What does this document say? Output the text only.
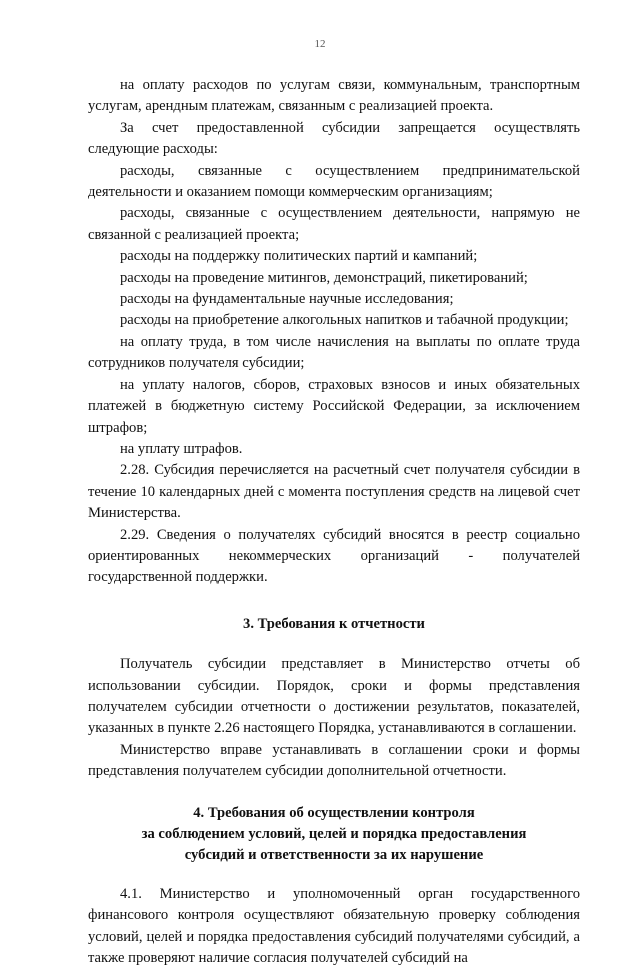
12

на оплату расходов по услугам связи, коммунальным, транспортным услугам, арендным платежам, связанным с реализацией проекта.

За счет предоставленной субсидии запрещается осуществлять следующие расходы:

расходы, связанные с осуществлением предпринимательской деятельности и оказанием помощи коммерческим организациям;

расходы, связанные с осуществлением деятельности, напрямую не связанной с реализацией проекта;

расходы на поддержку политических партий и кампаний;

расходы на проведение митингов, демонстраций, пикетирований;

расходы на фундаментальные научные исследования;

расходы на приобретение алкогольных напитков и табачной продукции;

на оплату труда, в том числе начисления на выплаты по оплате труда сотрудников получателя субсидии;

на уплату налогов, сборов, страховых взносов и иных обязательных платежей в бюджетную систему Российской Федерации, за исключением штрафов;

на уплату штрафов.

2.28. Субсидия перечисляется на расчетный счет получателя субсидии в течение 10 календарных дней с момента поступления средств на лицевой счет Министерства.

2.29. Сведения о получателях субсидий вносятся в реестр социально ориентированных некоммерческих организаций - получателей государственной поддержки.

3. Требования к отчетности

Получатель субсидии представляет в Министерство отчеты об использовании субсидии. Порядок, сроки и формы представления получателем субсидии отчетности о достижении результатов, показателей, указанных в пункте 2.26 настоящего Порядка, устанавливаются в соглашении.

Министерство вправе устанавливать в соглашении сроки и формы представления получателем субсидии дополнительной отчетности.

4. Требования об осуществлении контроля

за соблюдением условий, целей и порядка предоставления

субсидий и ответственности за их нарушение

4.1. Министерство и уполномоченный орган государственного финансового контроля осуществляют обязательную проверку соблюдения условий, целей и порядка предоставления субсидий получателями субсидий, а также проверяют наличие согласия получателей субсидий на
